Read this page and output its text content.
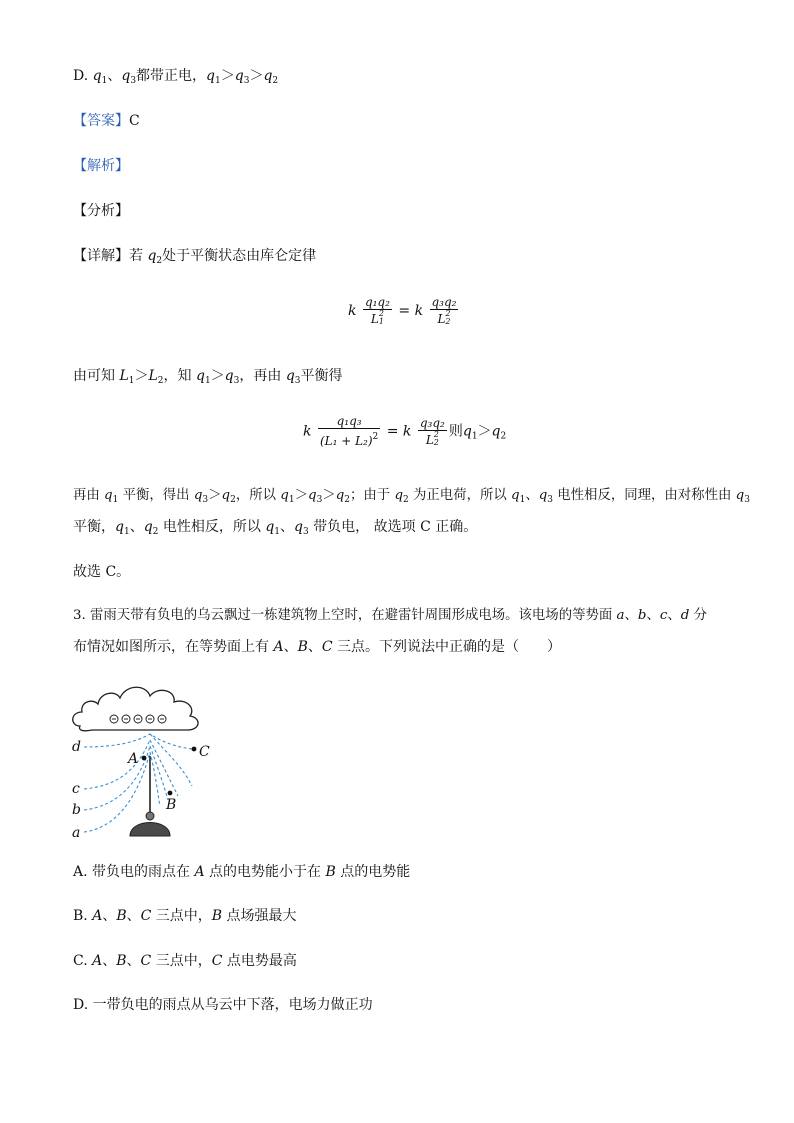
D. $q_1$、$q_3$都带正电，$q_1>q_3>q_2$
【答案】C
【解析】
【分析】
【详解】若 $q_2$处于平衡状态由库仑定律
k q₁q₂
L 2
1 = k q₃q₂
L 2
2
由可知 $L_1>L_2$，知 $q_1>q_3$，再由 $q_3$平衡得
k $\frac{\text{q₁q₃}}{(L_1 + L_2)^2} = k$ q₃q₂
L 2
2 则$q_1>q_2$
再由 $q_1$ 平衡，得出 $q_3>q_2$，所以 $q_1>q_3>q_2$；由于 $q_2$ 为正电荷，所以 $q_1$、$q_3$ 电性相反，同理，由对称性由 $q_3$
平衡，$q_1$、$q_2$ 电性相反，所以 $q_1$、$q_3$ 带负电， 故选项 C 正确。
故选 C。
3. 雷雨天带有负电的乌云飘过一栋建筑物上空时，在避雷针周围形成电场。该电场的等势面 a、b、c、d 分
布情况如图所示，在等势面上有 A、B、C 三点。下列说法中正确的是（　　）
d
c
b
a
A	C
B
A. 带负电的雨点在 A 点的电势能小于在 B 点的电势能
B. A、B、C 三点中，B 点场强最大
C. A、B、C 三点中，C 点电势最高
D. 一带负电的雨点从乌云中下落，电场力做正功
